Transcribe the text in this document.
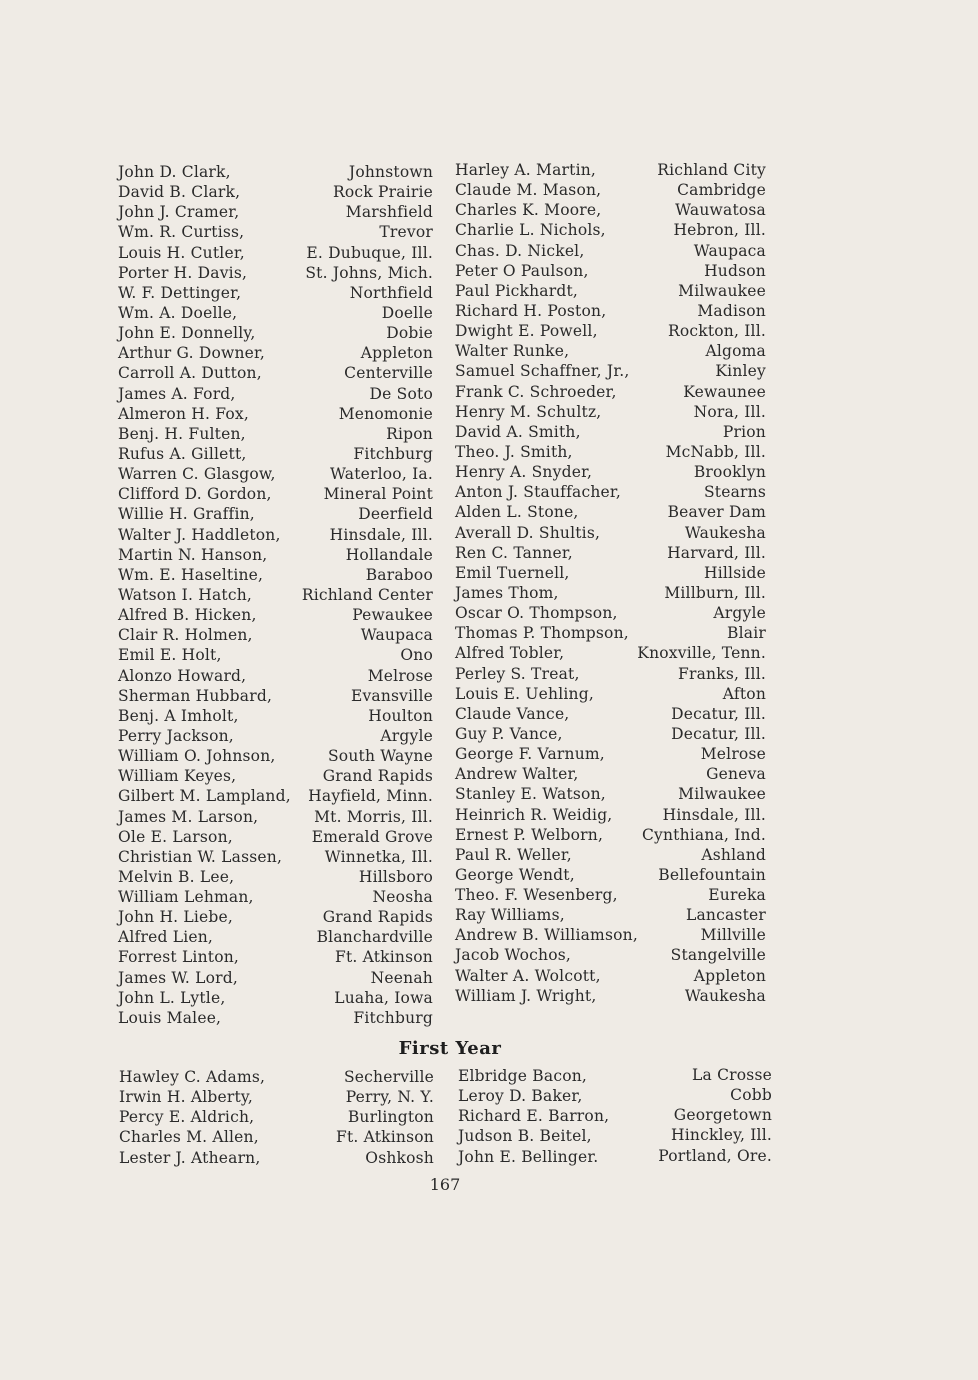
John D. Clark,
David B. Clark,
John J. Cramer,
Wm. R. Curtiss,
Louis H. Cutler,
Porter H. Davis,
W. F. Dettinger,
Wm. A. Doelle,
John E. Donnelly,
Arthur G. Downer,
Carroll A. Dutton,
James A. Ford,
Almeron H. Fox,
Benj. H. Fulten,
Rufus A. Gillett,
Warren C. Glasgow,
Clifford D. Gordon,
Willie H. Graffin,
Walter J. Haddleton,
Martin N. Hanson,
Wm. E. Haseltine,
Watson I. Hatch,
Alfred B. Hicken,
Clair R. Holmen,
Emil E. Holt,
Alonzo Howard,
Sherman Hubbard,
Benj. A Imholt,
Perry Jackson,
William O. Johnson,
William Keyes,
Gilbert M. Lampland,
James M. Larson,
Ole E. Larson,
Christian W. Lassen,
Melvin B. Lee,
William Lehman,
John H. Liebe,
Alfred Lien,
Forrest Linton,
James W. Lord,
John L. Lytle,
Louis Malee,
Johnstown
Rock Prairie
Marshfield
Trevor
E. Dubuque, Ill.
St. Johns, Mich.
Northfield
Doelle
Dobie
Appleton
Centerville
De Soto
Menomonie
Ripon
Fitchburg
Waterloo, Ia.
Mineral Point
Deerfield
Hinsdale, Ill.
Hollandale
Baraboo
Richland Center
Pewaukee
Waupaca
Ono
Melrose
Evansville
Houlton
Argyle
South Wayne
Grand Rapids
Hayfield, Minn.
Mt. Morris, Ill.
Emerald Grove
Winnetka, Ill.
Hillsboro
Neosha
Grand Rapids
Blanchardville
Ft. Atkinson
Neenah
Luaha, Iowa
Fitchburg
Harley A. Martin,
Claude M. Mason,
Charles K. Moore,
Charlie L. Nichols,
Chas. D. Nickel,
Peter O Paulson,
Paul Pickhardt,
Richard H. Poston,
Dwight E. Powell,
Walter Runke,
Samuel Schaffner, Jr.,
Frank C. Schroeder,
Henry M. Schultz,
David A. Smith,
Theo. J. Smith,
Henry A. Snyder,
Anton J. Stauffacher,
Alden L. Stone,
Averall D. Shultis,
Ren C. Tanner,
Emil Tuernell,
James Thom,
Oscar O. Thompson,
Thomas P. Thompson,
Alfred Tobler,
Perley S. Treat,
Louis E. Uehling,
Claude Vance,
Guy P. Vance,
George F. Varnum,
Andrew Walter,
Stanley E. Watson,
Heinrich R. Weidig,
Ernest P. Welborn,
Paul R. Weller,
George Wendt,
Theo. F. Wesenberg,
Ray Williams,
Andrew B. Williamson,
Jacob Wochos,
Walter A. Wolcott,
William J. Wright,
Richland City
Cambridge
Wauwatosa
Hebron, Ill.
Waupaca
Hudson
Milwaukee
Madison
Rockton, Ill.
Algoma
Kinley
Kewaunee
Nora, Ill.
Prion
McNabb, Ill.
Brooklyn
Stearns
Beaver Dam
Waukesha
Harvard, Ill.
Hillside
Millburn, Ill.
Argyle
Blair
Knoxville, Tenn.
Franks, Ill.
Afton
Decatur, Ill.
Decatur, Ill.
Melrose
Geneva
Milwaukee
Hinsdale, Ill.
Cynthiana, Ind.
Ashland
Bellefountain
Eureka
Lancaster
Millville
Stangelville
Appleton
Waukesha
First Year
Hawley C. Adams,
Irwin H. Alberty,
Percy E. Aldrich,
Charles M. Allen,
Lester J. Athearn,
Secherville
Perry, N. Y.
Burlington
Ft. Atkinson
Oshkosh
Elbridge Bacon,
Leroy D. Baker,
Richard E. Barron,
Judson B. Beitel,
John E. Bellinger.
La Crosse
Cobb
Georgetown
Hinckley, Ill.
Portland, Ore.
167
